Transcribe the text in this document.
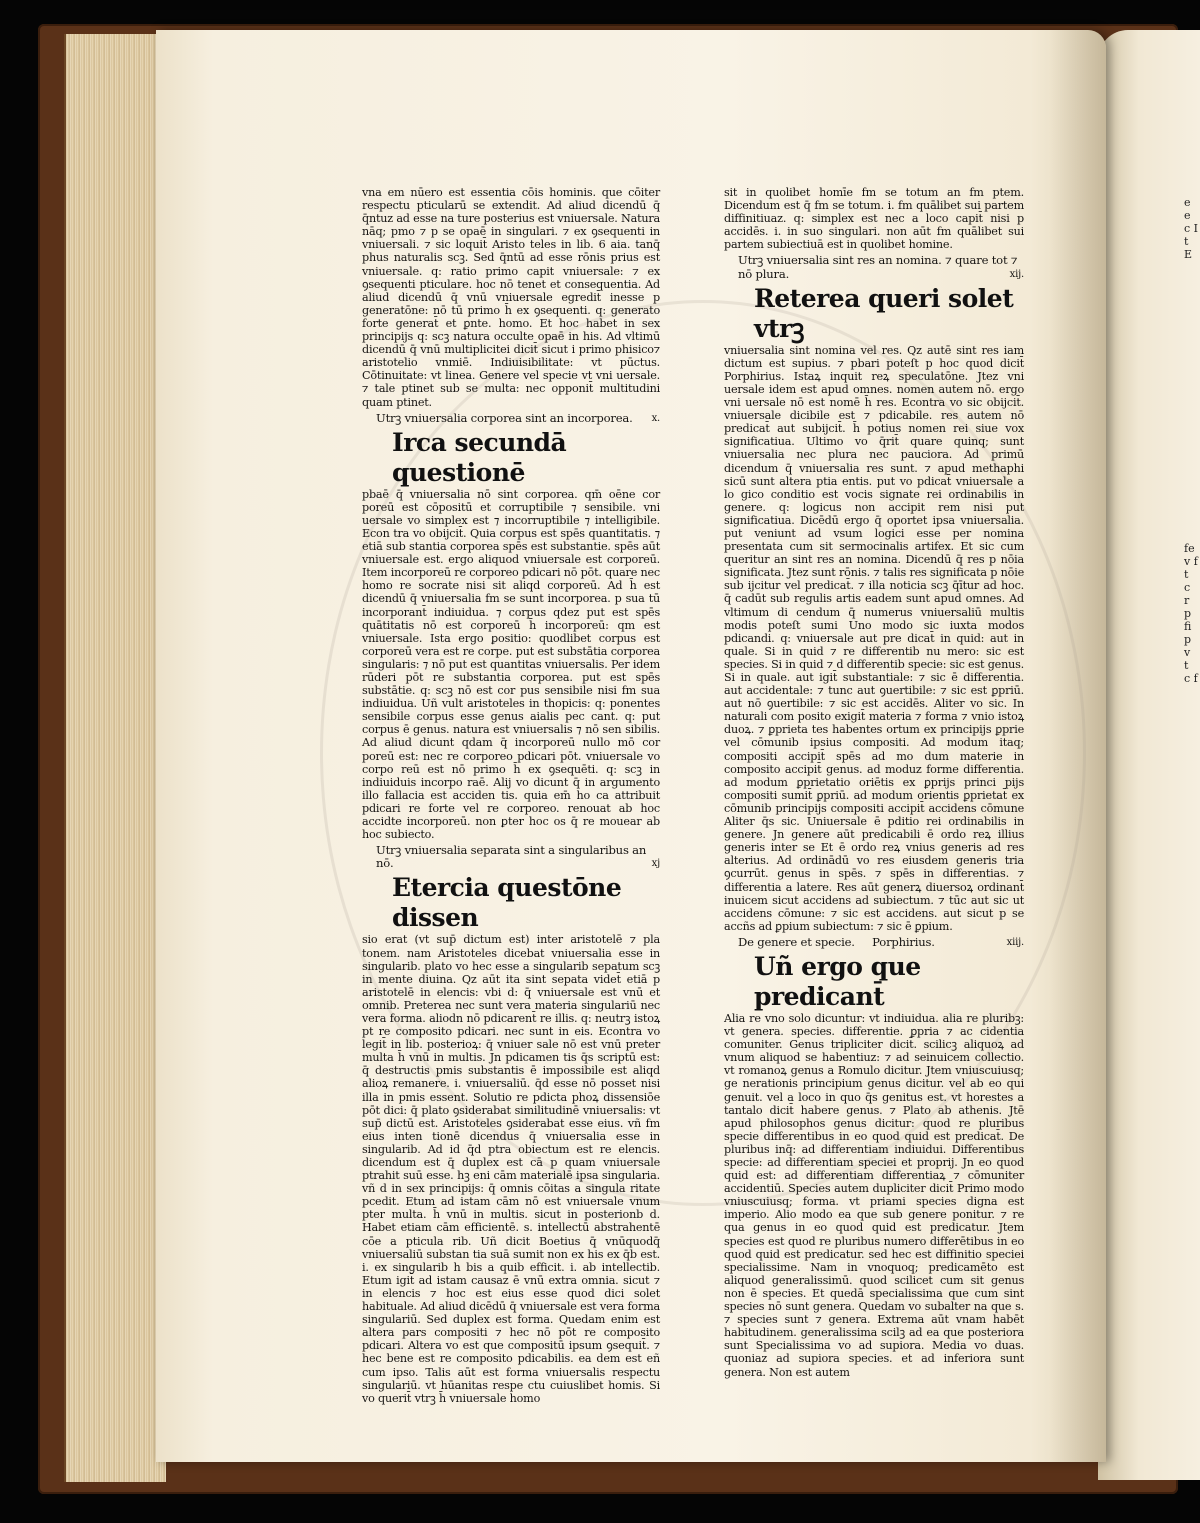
vna em nūero est essentia cōis hominis. que cōiter respectu pticularū se extendit. Ad aliud dicendū q̄ q̄ntuz ad esse na ture posterius est vniuersale. Natura nāq; pmo ⁊ p se opaē in singulari. ⁊ ex ꝯsequenti in vniuersali. ⁊ sic loquit̄ Aristo teles in lib. 6 aia. tanq̄ phus naturalis scꝫ. Sed q̄ntū ad esse rōnis prius est vniuersale. q: ratio primo capit vniuersale: ⁊ ex ꝯsequenti pticulare. hoc nō tenet et consequentia. Ad aliud dicendū q̄ vnū vniuersale egredit̄ inesse p generatōne: nō tū primo h̄ ex ꝯsequenti. q: generato forte generat̄ et ꝑnte. homo. Et hoc habet in sex principijs q: scꝫ natura occulte opaē in his. Ad vltimū dicendū q̄ vnū multiplicitei dicit̄ sicut i primo phisico⁊ aristotelio vnmiē. Indiuisibilitate: vt pūctus. Cōtinuitate: vt linea. Genere vel specie vt vni uersale. ⁊ tale ptinet sub se multa: nec opponit̄ multitudini quam ptinet.

Utrꝫ vniuersalia corporea sint an incorporea. x.
Irca secundā questionē

pbaē q̄ vniuersalia nō sint corporea. qm̄ oēne cor poreū est cōpositū et corruptibile ⁊ sensibile. vni uersale vo simplex est ⁊ incorruptibile ⁊ intelligibile. Econ tra vo obijcit̄. Quia corpus est spēs quantitatis. ⁊ etiā sub stantia corporea spēs est substantie. spēs aūt vniuersale est. ergo aliquod vniuersale est corporeū. Item incorporeū re corporeo pdicari nō pōt. quare nec homo re socrate nisi sit aliqd corporeū. Ad h̄ est dicendū q̄ vniuersalia fm se sunt incorporea. p sua tū incorporant̄ indiuidua. ⁊ corpus qdez put est spēs quātitatis nō est corporeū h̄ incorporeū: qm est vniuersale. Ista ergo ꝑositio: quodlibet corpus est corporeū vera est re corpe. put est substātia corporea singularis: ⁊ nō put est quantitas vniuersalis. Per idem rūderi pōt re substantia corporea. put est spēs substātie. q: scꝫ nō est cor pus sensibile nisi fm sua indiuidua. Uñ vult aristoteles in thopicis: q: ponentes sensibile corpus esse genus aialis pec cant. q: put corpus ē genus. natura est vniuersalis ⁊ nō sen sibilis. Ad aliud dicunt qdam q̄ incorporeū nullo mō cor poreū est: nec re corporeo pdicari pōt. vniuersale vo corpo reū est nō primo h̄ ex ꝯsequēti. q: scꝫ in indiuiduis incorpo raē. Alij vo dicunt q̄ in argumento illo fallacia est acciden tis. quia em̄ ho ca attribuit pdicari re forte vel re corporeo. renouat ab hoc accidte incorporeū. non ꝑter hoc os q̄ re mouear ab hoc subiecto.

Utrꝫ vniuersalia separata sint a singularibus an nō.	xj
Etercia questōne dissen

sio erat (vt sup̄ dictum est) inter aristotelē ⁊ pla tonem. nam Aristoteles dicebat vniuersalia esse in singularib. plato vo hec esse a singularib sepatum scꝫ in mente diuina. Qz aūt ita sint sepata videt̄ etiā p aristotelē in elencis: vbi d: q̄ vniuersale est vnū et omnib. Preterea nec sunt vera materia singulariū nec vera forma. aliodn nō pdicarent̄ re illis. q: neutrꝫ istoꝝ pt re composito pdicari. nec sunt in eis. Econtra vo legit̄ in lib. posterioꝝ: q̄ vniuer sale nō est vnū preter multa h̄ vnū in multis. Jn pdicamen tis q̄s scriptū est: q̄ destructis pmis substantis ē impossibile est aliqd alioꝝ remanere. i. vniuersaliū. q̄d esse nō posset nisi illa in pmis essent. Solutio re pdicta phoꝝ dissensiōe pōt dici: q̄ plato ꝯsiderabat similitudinē vniuersalis: vt sup̄ dictū est. Aristoteles ꝯsiderabat esse eius. vñ fm eius inten tionē dicendus q̄ vniuersalia esse in singularib. Ad id q̄d ptra obiectum est re elencis. dicendum est q̄ duplex est cā p quam vniuersale ptrahit suū esse. hꝫ eni cām materialē ipsa singularia. vñ d in sex principijs: q̄ omnis cōitas a singula ritate pcedit. Etum ad istam cām nō est vniuersale vnum pter multa. h̄ vnū in multis. sicut in posterionb d. Habet etiam cām efficientē. s. intellectū abstrahentē cōe a pticula rib. Uñ dicit Boetius q̄ vnūquodq̄ vniuersaliū substan tia suā sumit non ex his ex q̄b est. i. ex singularib h bis a quib efficit. i. ab intellectib. Etum igit̄ ad istam causaz ē vnū extra omnia. sicut ⁊ in elencis ⁊ hoc est eius esse quod dici solet habituale. Ad aliud dicēdū q̄ vniuersale est vera forma singulariū. Sed duplex est forma. Quedam enim est altera pars compositi ⁊ hec nō pōt re composito pdicari. Altera vo est que compositū ipsum ꝯsequit̄. ⁊ hec bene est re composito pdicabilis. ea dem est eñ cum ipso. Talis aūt est forma vniuersalis respectu singulariū. vt hūanitas respe ctu cuiuslibet homis. Si vo querit̄ vtrꝫ h̄ vniuersale homo

sit in quolibet homīe fm se totum an fm ptem. Dicendum est q̄ fm se totum. i. fm quālibet sui partem diffinitiuaz. q: simplex est nec a loco capit̄ nisi p accidēs. i. in suo singulari. non aūt fm quālibet sui partem subiectiuā est in quolibet homine.

Utrꝫ vniuersalia sint res an nomina. ⁊ quare tot ⁊ nō plura.	xij.
Reterea queri solet vtrꝫ

vniuersalia sint nomina vel res. Qz autē sint res iam dictum est supius. ⁊ pbari poteſt p hoc quod dicit̄ Porphirius. Istaꝝ inquit reꝝ speculatōne. Jtez vni uersale idem est apud omnes. nomen autem nō. ergo vni uersale nō est nomē h̄ res. Econtra vo sic obijcit̄. vniuersale dicibile est ⁊ pdicabile. res autem nō predicat̄ aut subijcit̄. h̄ potius nomen rei siue vox significatiua. Ultimo vo q̄rit̄ quare quinq; sunt vniuersalia nec plura nec pauciora. Ad primū dicendum q̄ vniuersalia res sunt. ⁊ apud methaphi sicū sunt altera ptia entis. put vo pdicat̄ vniuersale a lo gico conditio est vocis signate rei ordinabilis in genere. q: logicus non accipit rem nisi put significatiua. Dicēdū ergo q̄ oportet ipsa vniuersalia. put veniunt ad vsum logici esse per nomina presentata cum sit sermocinalis artifex. Et sic cum queritur an sint res an nomina. Dicendū q̄ res p nōia significata. Jtez sunt rōnis. ⁊ talis res significata p nōie sub ijcitur vel predicat̄. ⁊ illa noticia scꝫ q̄ītur ad hoc. q̄ cadūt sub regulis artis eadem sunt apud omnes. Ad vltimum di cendum q̄ numerus vniuersaliū multis modis poteſt sumi Uno modo sic iuxta modos pdicandi. q: vniuersale aut pre dicat̄ in quid: aut in quale. Si in quid ⁊ re differentib nu mero: sic est species. Si in quid ⁊ d differentib specie: sic est genus. Si in quale. aut igit̄ substantiale: ⁊ sic ē differentia. aut accidentale: ⁊ tunc aut ꝯuertibile: ⁊ sic est ꝑpriū. aut nō ꝯuertibile: ⁊ sic est accidēs. Aliter vo sic. In naturali com posito exigit̄ materia ⁊ forma ⁊ vnio istoꝝ duoꝝ. ⁊ ꝑprieta tes habentes ortum ex principijs ꝑprie vel cōmunib ipsius compositi. Ad modum itaq; compositi accipit̄ spēs ad mo dum materie in composito accipit̄ genus. ad moduz forme differentia. ad modum ꝑprietatio oriētis ex ꝑprijs princi pijs compositi sumit̄ ꝑpriū. ad modum orientis ꝑprietat̄ ex cōmunib principijs compositi accipit̄ accidens cōmune Aliter q̄s sic. Uniuersale ē pditio rei ordinabilis in genere. Jn genere aūt predicabili ē ordo reꝝ illius generis inter se Et ē ordo reꝝ vnius generis ad res alterius. Ad ordinādū vo res eiusdem generis tria ꝯcurrūt. genus in spēs. ⁊ spēs in differentias. ⁊ differentia a latere. Res aūt generꝝ diuersoꝝ ordinant̄ inuicem sicut accidens ad subiectum. ⁊ tūc aut sic ut accidens cōmune: ⁊ sic est accidens. aut sicut p se accñs ad ꝑpium subiectum: ⁊ sic ē ꝑpium.

De genere et specie. Porphirius.	xiij.
Uñ ergo que predicant̄

Alia re vno solo dicuntur: vt indiuidua. alia re pluribꝫ: vt genera. species. differentie. ꝑpria ⁊ ac cidentia comuniter. Genus tripliciter dicit̄. scilicꝫ aliquoꝝ ad vnum aliquod se habentiuz: ⁊ ad seinuicem collectio. vt romanoꝝ genus a Romulo dicitur. Jtem vniuscuiusq; ge nerationis principium genus dicitur. vel ab eo qui genuit. vel a loco in quo q̄s genitus est. vt horestes a tantalo dicit̄ habere genus. ⁊ Plato ab athenis. Jtē apud philosophos genus dicitur: quod re pluribus specie differentibus in eo quod quid est predicat̄. De pluribus inq̄: ad differentiam indiuidui. Differentibus specie: ad differentiam speciei et proprij. Jn eo quod quid est: ad differentiam differentiaꝝ ⁊ cōmuniter accidentiū. Species autem dupliciter dicit̄ Primo modo vniuscuiusq; forma. vt priami species digna est imperio. Alio modo ea que sub genere ponitur. ⁊ re qua genus in eo quod quid est predicatur. Jtem species est quod re pluribus numero differētibus in eo quod quid est predicatur. sed hec est diffinitio speciei specialissime. Nam in vnoquoq; predicamēto est aliquod generalissimū. quod scilicet cum sit genus non ē species. Et quedā specialissima que cum sint species nō sunt genera. Quedam vo subalter na que s. ⁊ species sunt ⁊ genera. Extrema aūt vnam habēt habitudinem. generalissima scilꝫ ad ea que posteriora sunt Specialissima vo ad supiora. Media vo duas. quoniaz ad supiora species. et ad inferiora sunt genera. Non est autem

e e c I t E
fe v f t c r p fi p v t c f
